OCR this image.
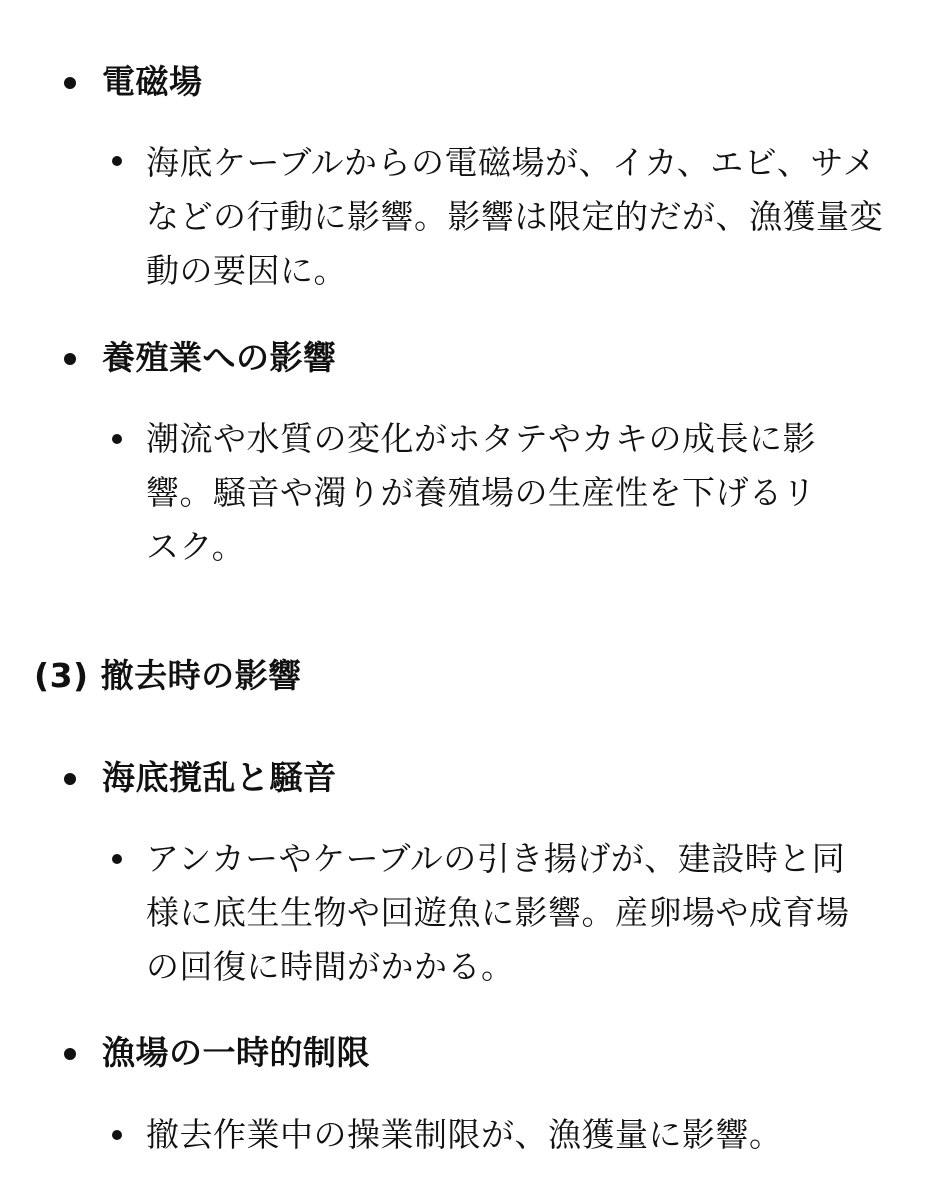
電磁場
海底ケーブルからの電磁場が、イカ、エビ、サメなどの行動に影響。影響は限定的だが、漁獲量変動の要因に。
養殖業への影響
潮流や水質の変化がホタテやカキの成長に影響。騒音や濁りが養殖場の生産性を下げるリスク。
(3) 撤去時の影響
海底撹乱と騒音
アンカーやケーブルの引き揚げが、建設時と同様に底生生物や回遊魚に影響。産卵場や成育場の回復に時間がかかる。
漁場の一時的制限
撤去作業中の操業制限が、漁獲量に影響。
